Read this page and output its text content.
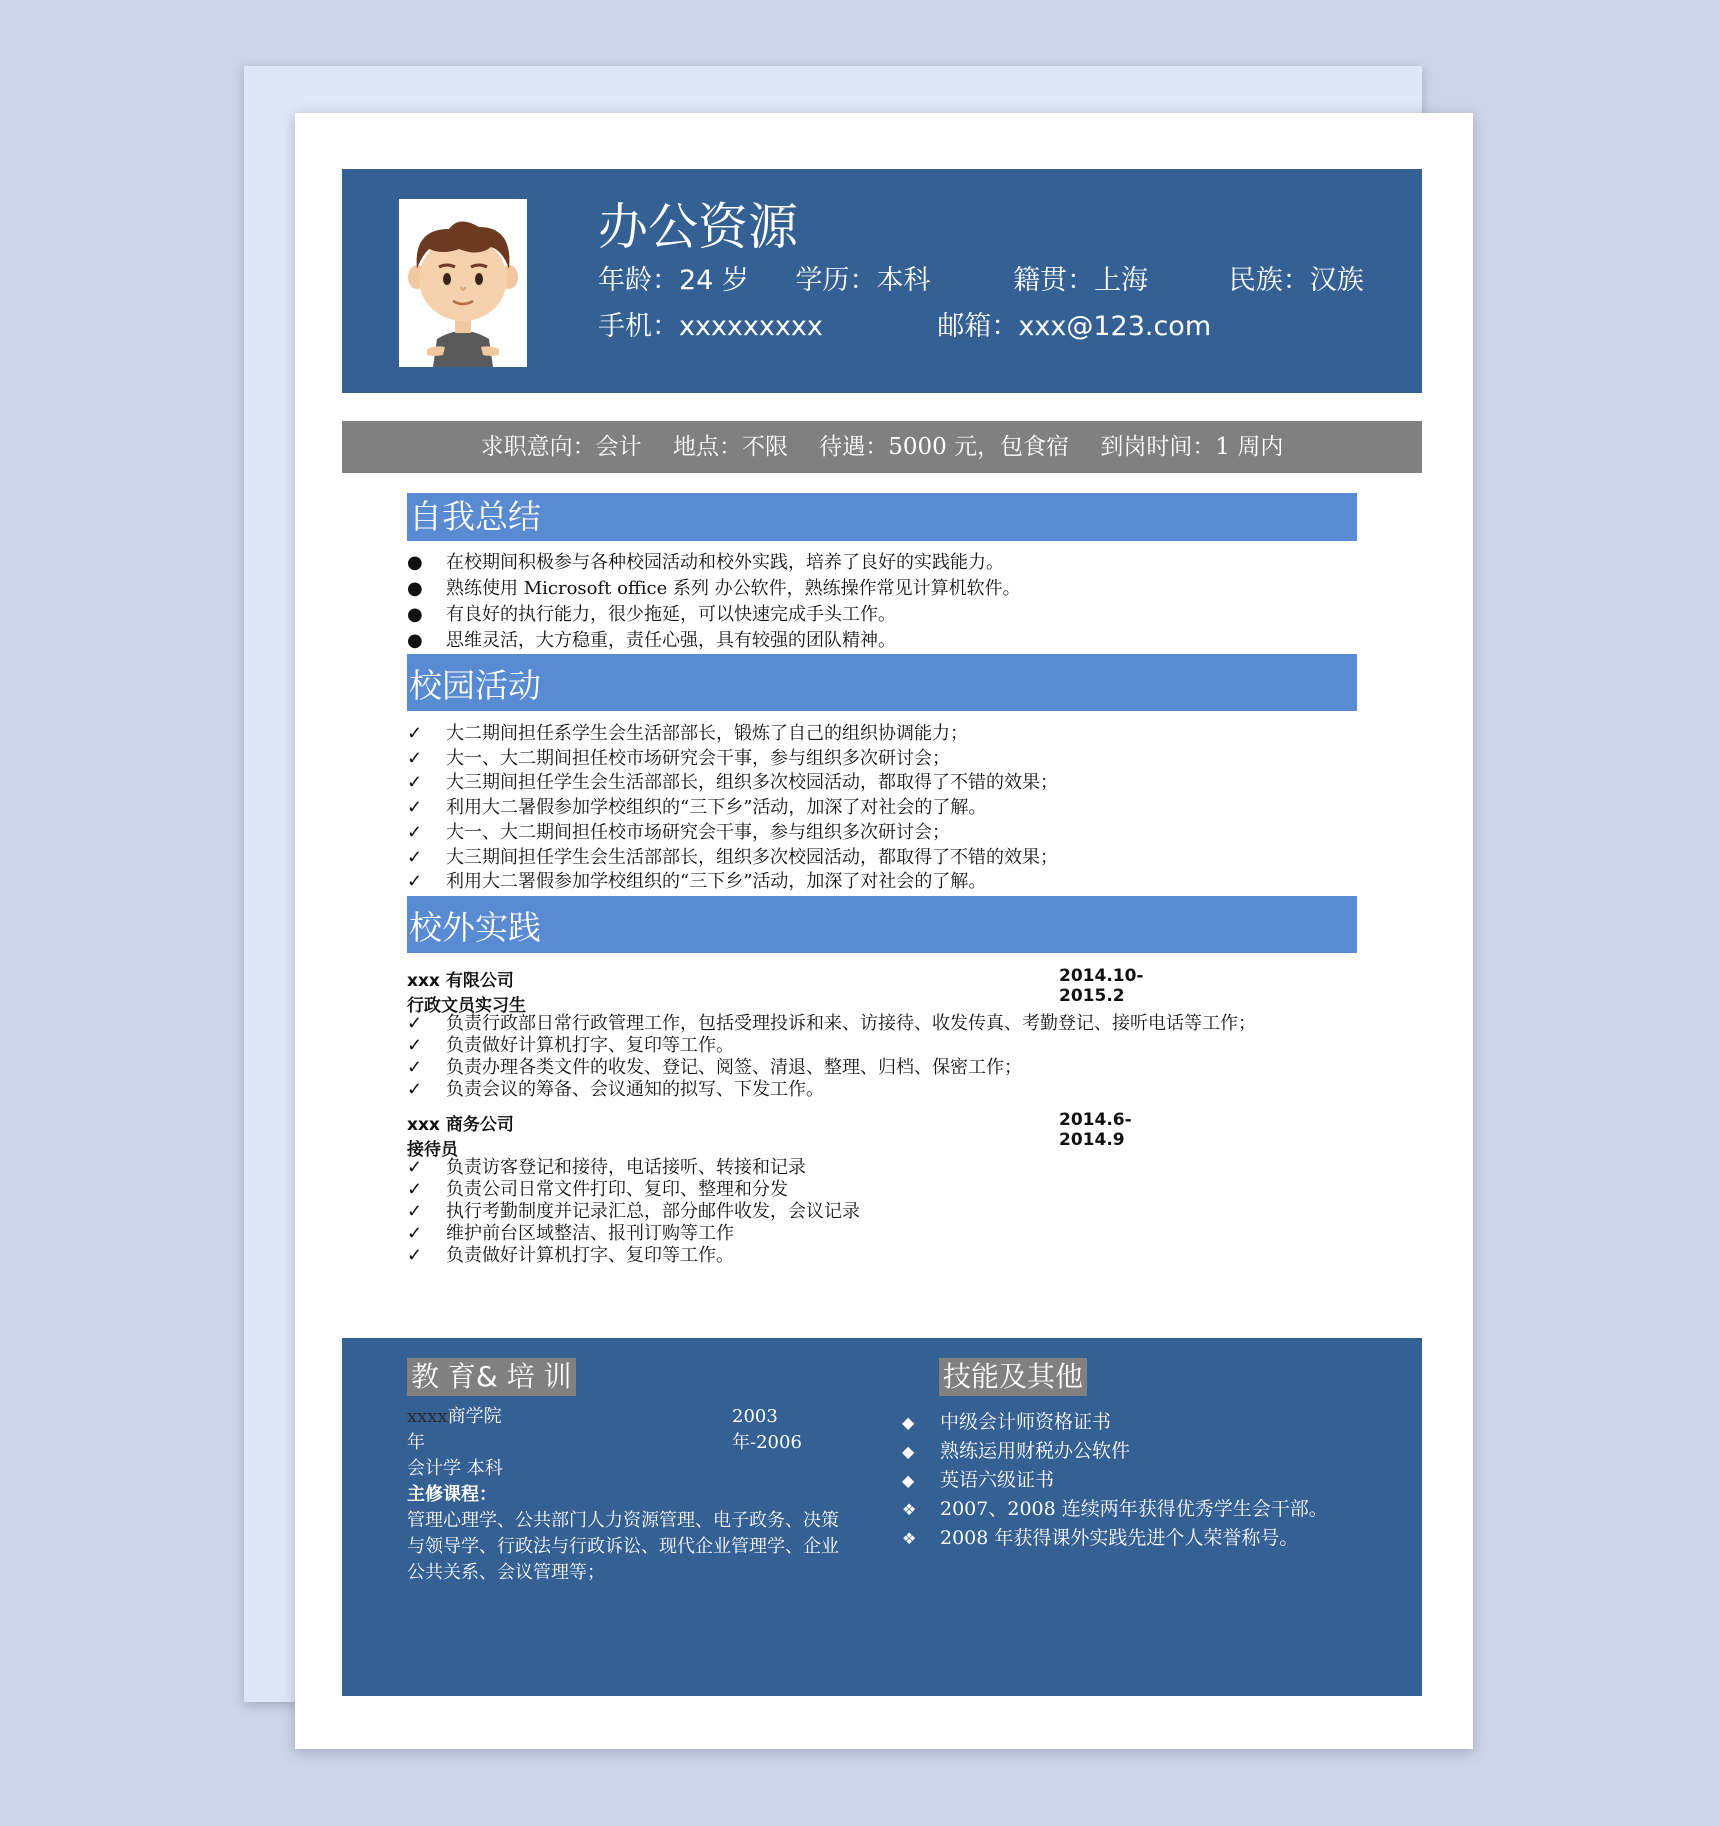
办公资源
年龄：24 岁 学历：本科	籍贯：上海	民族：汉族
手机：xxxxxxxxx	邮箱：xxx@123.com
求职意向：会计 地点：不限 待遇：5000 元，包食宿 到岗时间：1 周内
自我总结
● 在校期间积极参与各种校园活动和校外实践，培养了良好的实践能力。
● 熟练使用 Microsoft office 系列 办公软件，熟练操作常见计算机软件。
● 有良好的执行能力，很少拖延，可以快速完成手头工作。
● 思维灵活，大方稳重，责任心强，具有较强的团队精神。
校园活动
✓ 大二期间担任系学生会生活部部长，锻炼了自己的组织协调能力；
✓ 大一、大二期间担任校市场研究会干事，参与组织多次研讨会；
✓ 大三期间担任学生会生活部部长，组织多次校园活动，都取得了不错的效果；
✓ 利用大二暑假参加学校组织的“三下乡”活动，加深了对社会的了解。
✓ 大一、大二期间担任校市场研究会干事，参与组织多次研讨会；
✓ 大三期间担任学生会生活部部长，组织多次校园活动，都取得了不错的效果；
✓ 利用大二署假参加学校组织的“三下乡”活动，加深了对社会的了解。
校外实践
xxx 有限公司	2014.10-2015.2
行政文员实习生
✓ 负责行政部日常行政管理工作，包括受理投诉和来、访接待、收发传真、考勤登记、接听电话等工作；
✓ 负责做好计算机打字、复印等工作。
✓ 负责办理各类文件的收发、登记、阅签、清退、整理、归档、保密工作；
✓ 负责会议的筹备、会议通知的拟写、下发工作。
xxx 商务公司	2014.6-2014.9
接待员
✓ 负责访客登记和接待，电话接听、转接和记录
✓ 负责公司日常文件打印、复印、整理和分发
✓ 执行考勤制度并记录汇总，部分邮件收发，会议记录
✓ 维护前台区域整洁、报刊订购等工作
✓ 负责做好计算机打字、复印等工作。
教 育& 培 训
xxxx商学院	2003 年-2006
年
会计学 本科
主修课程：
管理心理学、公共部门人力资源管理、电子政务、决策与领导学、行政法与行政诉讼、现代企业管理学、企业公共关系、会议管理等；
技能及其他
◆ 中级会计师资格证书
◆ 熟练运用财税办公软件
◆ 英语六级证书
❖ 2007、2008 连续两年获得优秀学生会干部。
❖ 2008 年获得课外实践先进个人荣誉称号。
